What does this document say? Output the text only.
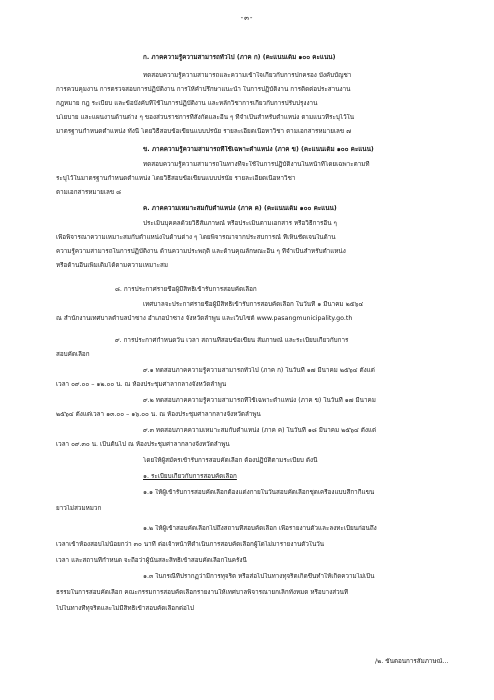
-๓-
ก. ภาคความรู้ความสามารถทั่วไป (ภาค ก) (คะแนนเต็ม ๑๐๐ คะแนน)
ทดสอบความรู้ความสามารถและความเข้าใจเกี่ยวกับการปกครอง บังคับบัญชา
การควบคุมงาน การตรวจสอบการปฏิบัติงาน การให้คำปรึกษาแนะนำ ในการปฏิบัติงาน การติดต่อประสานงาน
กฎหมาย กฎ ระเบียบ และข้อบังคับที่ใช้ในการปฏิบัติงาน และหลักวิชาการเกี่ยวกับการปรับปรุงงาน
นโยบาย และแผนงานด้านต่าง ๆ ของส่วนราชการที่สังกัดและอื่น ๆ ที่จำเป็นสำหรับตำแหน่ง ตามแนวที่ระบุไว้ใน
มาตรฐานกำหนดตำแหน่ง ทั้งนี้ โดยวิธีสอบข้อเขียนแบบปรนัย รายละเอียดเนื้อหาวิชา ตามเอกสารหมายเลข ๗
ข. ภาคความรู้ความสามารถที่ใช้เฉพาะตำแหน่ง (ภาค ข) (คะแนนเต็ม ๑๐๐ คะแนน)
ทดสอบความรู้ความสามารถในทางที่จะใช้ในการปฏิบัติงานในหน้าที่โดยเฉพาะตามที่
ระบุไว้ในมาตรฐานกำหนดตำแหน่ง โดยวิธีสอบข้อเขียนแบบปรนัย รายละเอียดเนื้อหาวิชา
ตามเอกสารหมายเลข ๘
ค. ภาคความเหมาะสมกับตำแหน่ง (ภาค ค) (คะแนนเต็ม ๑๐๐ คะแนน)
ประเมินบุคคลด้วยวิธีสัมภาษณ์ หรือประเมินตามเอกสาร หรือวิธีการอื่น ๆ
เพื่อพิจารณาความเหมาะสมกับตำแหน่งในด้านต่าง ๆ โดยพิจารณาจากประสบการณ์ ที่เห็นชัดเจนในด้าน
ความรู้ความสามารถในการปฏิบัติงาน ด้านความประพฤติ และด้านคุณลักษณะอื่น ๆ ที่จำเป็นสำหรับตำแหน่ง
หรือด้านอื่นเพิ่มเติมได้ตามความเหมาะสม
๘. การประกาศรายชื่อผู้มีสิทธิเข้ารับการสอบคัดเลือก
เทศบาลจะประกาศรายชื่อผู้มีสิทธิเข้ารับการสอบคัดเลือก ในวันที่ ๑ มีนาคม ๒๕๖๔
ณ สำนักงานเทศบาลตำบลป่าซาง อำเภอป่าซาง จังหวัดลำพูน และเว็บไซต์ www.pasangmunicipality.go.th
๙. การประกาศกำหนดวัน เวลา สถานที่สอบข้อเขียน สัมภาษณ์ และระเบียบเกี่ยวกับการ
สอบคัดเลือก
๙.๑ ทดสอบภาคความรู้ความสามารถทั่วไป (ภาค ก) ในวันที่ ๑๗ มีนาคม ๒๕๖๔ ตั้งแต่
เวลา ๐๙.๐๐ – ๑๒.๐๐ น. ณ ห้องประชุมศาลากลางจังหวัดลำพูน
๙.๒ ทดสอบภาคความรู้ความสามารถที่ใช้เฉพาะตำแหน่ง (ภาค ข) ในวันที่ ๑๗ มีนาคม
๒๕๖๔ ตั้งแต่เวลา ๑๓.๐๐ – ๑๖.๐๐ น. ณ ห้องประชุมศาลากลางจังหวัดลำพูน
๙.๓ ทดสอบภาคความเหมาะสมกับตำแหน่ง (ภาค ค) ในวันที่ ๑๘ มีนาคม ๒๕๖๔ ตั้งแต่
เวลา ๐๙.๓๐ น. เป็นต้นไป ณ ห้องประชุมศาลากลางจังหวัดลำพูน
โดยให้ผู้สมัครเข้ารับการสอบคัดเลือก ต้องปฏิบัติตามระเบียบ ดังนี้
๑. ระเบียบเกี่ยวกับการสอบคัดเลือก
๑.๑ ให้ผู้เข้ารับการสอบคัดเลือกต้องแต่งกายในวันสอบคัดเลือกชุดเครื่องแบบสีกากีแขน
ยาวไม่สวมหมวก
๑.๒ ให้ผู้เข้าสอบคัดเลือกไปถึงสถานที่สอบคัดเลือก เพื่อรายงานตัวและลงทะเบียนก่อนถึง
เวลาเข้าห้องสอบไม่น้อยกว่า ๓๐ นาที ต่อเจ้าหน้าที่ดำเนินการสอบคัดเลือกผู้ใดไม่มารายงานตัวในวัน
เวลา และสถานที่กำหนด จะถือว่าผู้นั้นสละสิทธิเข้าสอบคัดเลือกในครั้งนี้
๑.๓ ในกรณีที่ปรากฏว่ามีการทุจริต หรือส่อไปในทางทุจริตเกิดขึ้นทำให้เกิดความไม่เป็น
ธรรมในการสอบคัดเลือก คณะกรรมการสอบคัดเลือกรายงานให้เทศบาลพิจารณายกเลิกทั้งหมด หรือบางส่วนที่
ไปในทางที่ทุจริตและไม่มีสิทธิเข้าสอบคัดเลือกต่อไป
/๒. ขั้นตอนการสัมภาษณ์...
